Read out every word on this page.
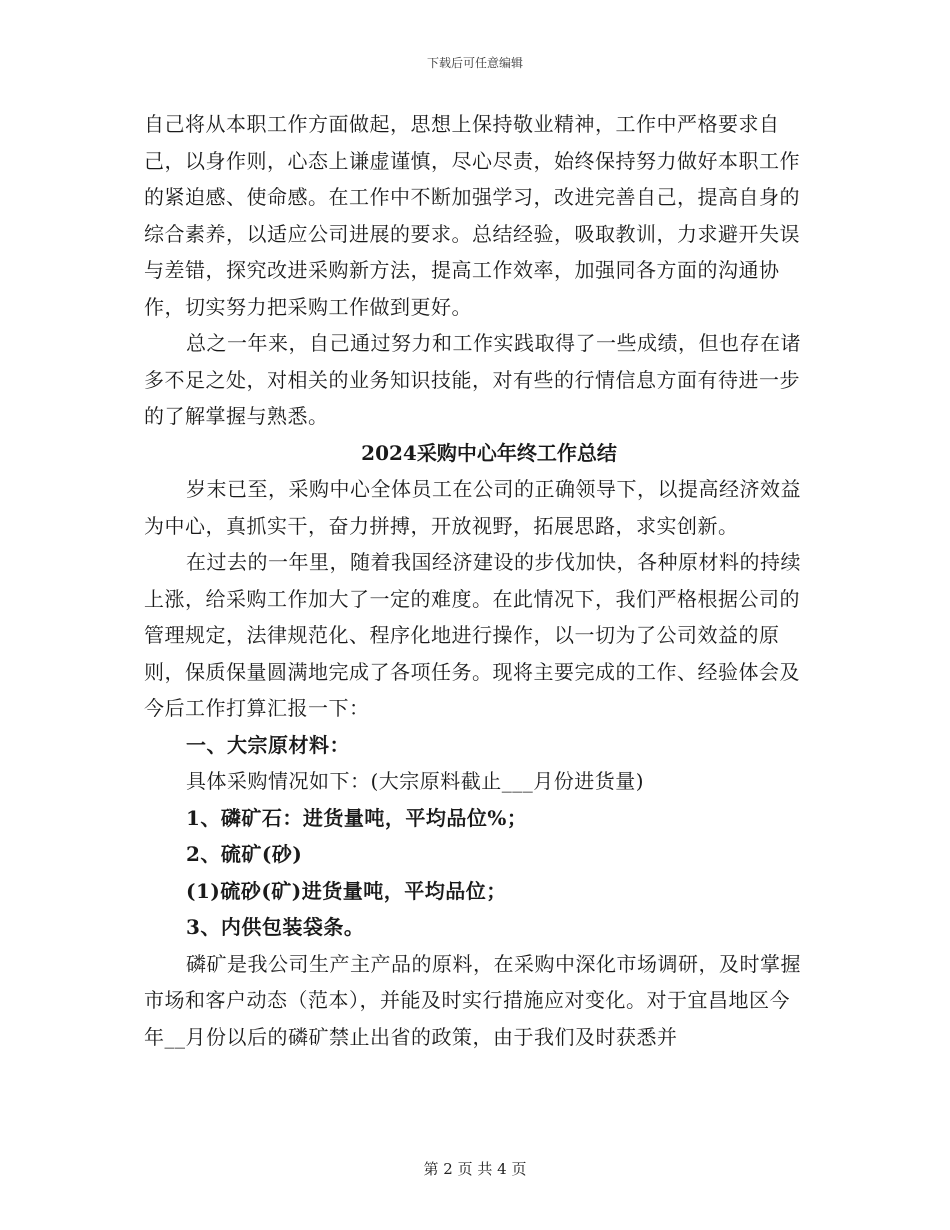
下载后可任意编辑

自己将从本职工作方面做起，思想上保持敬业精神，工作中严格要求自己，以身作则，心态上谦虚谨慎，尽心尽责，始终保持努力做好本职工作的紧迫感、使命感。在工作中不断加强学习，改进完善自己，提高自身的综合素养，以适应公司进展的要求。总结经验，吸取教训，力求避开失误与差错，探究改进采购新方法，提高工作效率，加强同各方面的沟通协作，切实努力把采购工作做到更好。

总之一年来，自己通过努力和工作实践取得了一些成绩，但也存在诸多不足之处，对相关的业务知识技能，对有些的行情信息方面有待进一步的了解掌握与熟悉。

2024采购中心年终工作总结

岁末已至，采购中心全体员工在公司的正确领导下，以提高经济效益为中心，真抓实干，奋力拼搏，开放视野，拓展思路，求实创新。

在过去的一年里，随着我国经济建设的步伐加快，各种原材料的持续上涨，给采购工作加大了一定的难度。在此情况下，我们严格根据公司的管理规定，法律规范化、程序化地进行操作，以一切为了公司效益的原则，保质保量圆满地完成了各项任务。现将主要完成的工作、经验体会及今后工作打算汇报一下：

一、大宗原材料：

具体采购情况如下：(大宗原料截止___月份进货量)

1、磷矿石：进货量吨，平均品位%；

2、硫矿(砂)

(1)硫砂(矿)进货量吨，平均品位；

3、内供包装袋条。

磷矿是我公司生产主产品的原料，在采购中深化市场调研，及时掌握市场和客户动态（范本），并能及时实行措施应对变化。对于宜昌地区今年__月份以后的磷矿禁止出省的政策，由于我们及时获悉并

第 2 页 共 4 页
